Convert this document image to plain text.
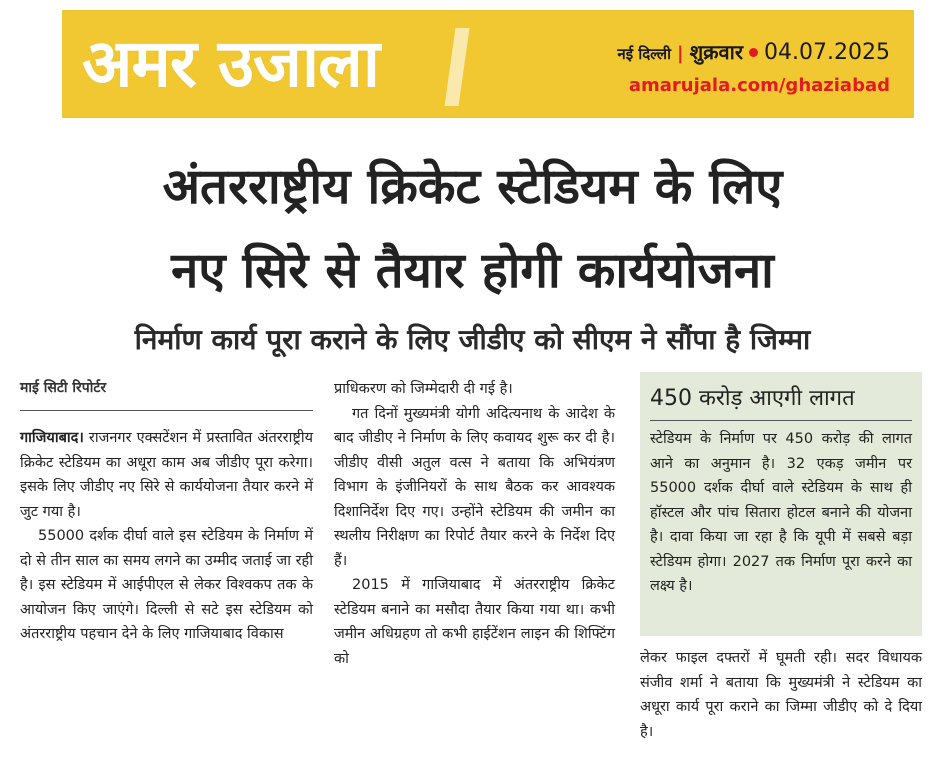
अमर उजाला	नई दिल्ली | शुक्रवार 04.07.2025
amarujala.com/ghaziabad
अंतरराष्ट्रीय क्रिकेट स्टेडियम के लिए
नए सिरे से तैयार होगी कार्ययोजना
निर्माण कार्य पूरा कराने के लिए जीडीए को सीएम ने सौंपा है जिम्मा
माई सिटी रिपोर्टर

गाजियाबाद। राजनगर एक्सटेंशन में प्रस्तावित अंतरराष्ट्रीय क्रिकेट स्टेडियम का अधूरा काम अब जीडीए पूरा करेगा। इसके लिए जीडीए नए सिरे से कार्ययोजना तैयार करने में जुट गया है।

55000 दर्शक दीर्घा वाले इस स्टेडियम के निर्माण में दो से तीन साल का समय लगने का उम्मीद जताई जा रही है। इस स्टेडियम में आईपीएल से लेकर विश्वकप तक के आयोजन किए जाएंगे। दिल्ली से सटे इस स्टेडियम को अंतरराष्ट्रीय पहचान देने के लिए गाजियाबाद विकास

प्राधिकरण को जिम्मेदारी दी गई है।

गत दिनों मुख्यमंत्री योगी अदित्यनाथ के आदेश के बाद जीडीए ने निर्माण के लिए कवायद शुरू कर दी है। जीडीए वीसी अतुल वत्स ने बताया कि अभियंत्रण विभाग के इंजीनियरों के साथ बैठक कर आवश्यक दिशानिर्देश दिए गए। उन्होंने स्टेडियम की जमीन का स्थलीय निरीक्षण का रिपोर्ट तैयार करने के निर्देश दिए हैं।

2015 में गाजियाबाद में अंतरराष्ट्रीय क्रिकेट स्टेडियम बनाने का मसौदा तैयार किया गया था। कभी जमीन अधिग्रहण तो कभी हाईटेंशन लाइन की शिफ्टिंग को

450 करोड़ आएगी लागत
स्टेडियम के निर्माण पर 450 करोड़ की लागत आने का अनुमान है। 32 एकड़ जमीन पर 55000 दर्शक दीर्घा वाले स्टेडियम के साथ ही हॉस्टल और पांच सितारा होटल बनाने की योजना है। दावा किया जा रहा है कि यूपी में सबसे बड़ा स्टेडियम होगा। 2027 तक निर्माण पूरा करने का लक्ष्य है।

लेकर फाइल दफ्तरों में घूमती रही। सदर विधायक संजीव शर्मा ने बताया कि मुख्यमंत्री ने स्टेडियम का अधूरा कार्य पूरा कराने का जिम्मा जीडीए को दे दिया है।
